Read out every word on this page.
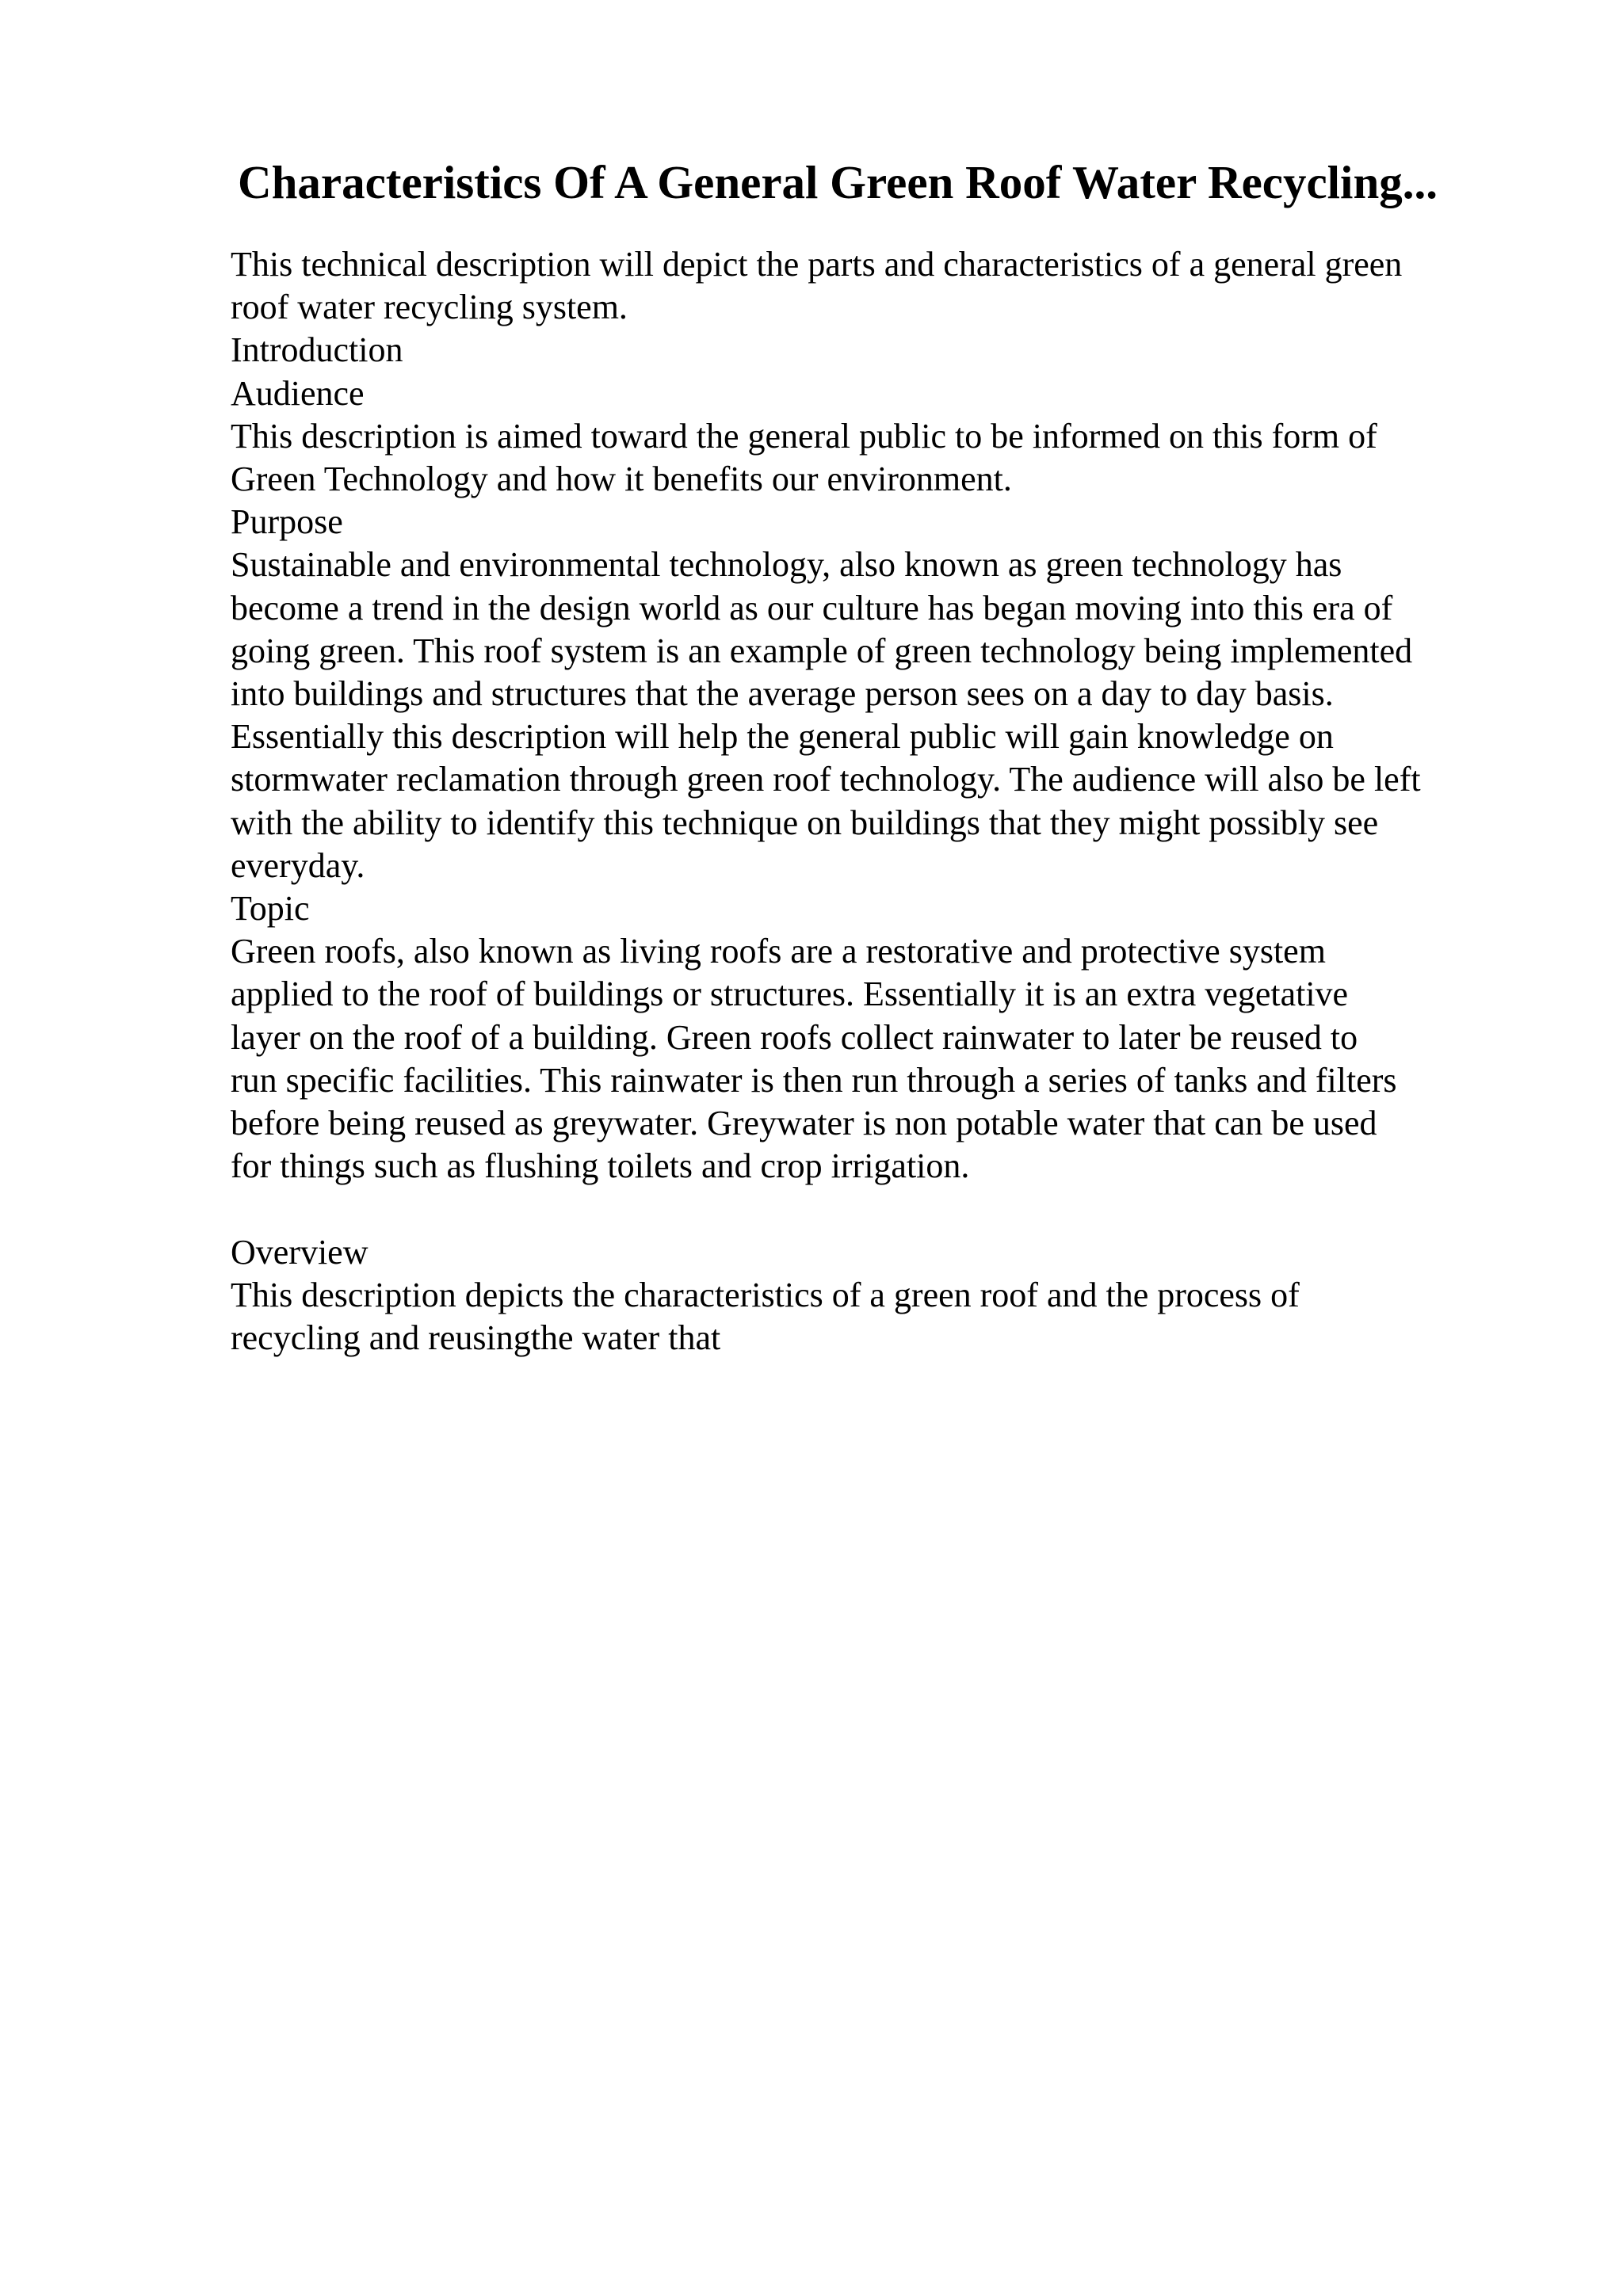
Characteristics Of A General Green Roof Water Recycling...
This technical description will depict the parts and characteristics of a general green
roof water recycling system.
Introduction
Audience
This description is aimed toward the general public to be informed on this form of
Green Technology and how it benefits our environment.
Purpose
Sustainable and environmental technology, also known as green technology has
become a trend in the design world as our culture has began moving into this era of
going green. This roof system is an example of green technology being implemented
into buildings and structures that the average person sees on a day to day basis.
Essentially this description will help the general public will gain knowledge on
stormwater reclamation through green roof technology. The audience will also be left
with the ability to identify this technique on buildings that they might possibly see
everyday.
Topic
Green roofs, also known as living roofs are a restorative and protective system
applied to the roof of buildings or structures. Essentially it is an extra vegetative
layer on the roof of a building. Green roofs collect rainwater to later be reused to
run specific facilities. This rainwater is then run through a series of tanks and filters
before being reused as greywater. Greywater is non potable water that can be used
for things such as flushing toilets and crop irrigation.
Overview
This description depicts the characteristics of a green roof and the process of
recycling and reusingthe water that
